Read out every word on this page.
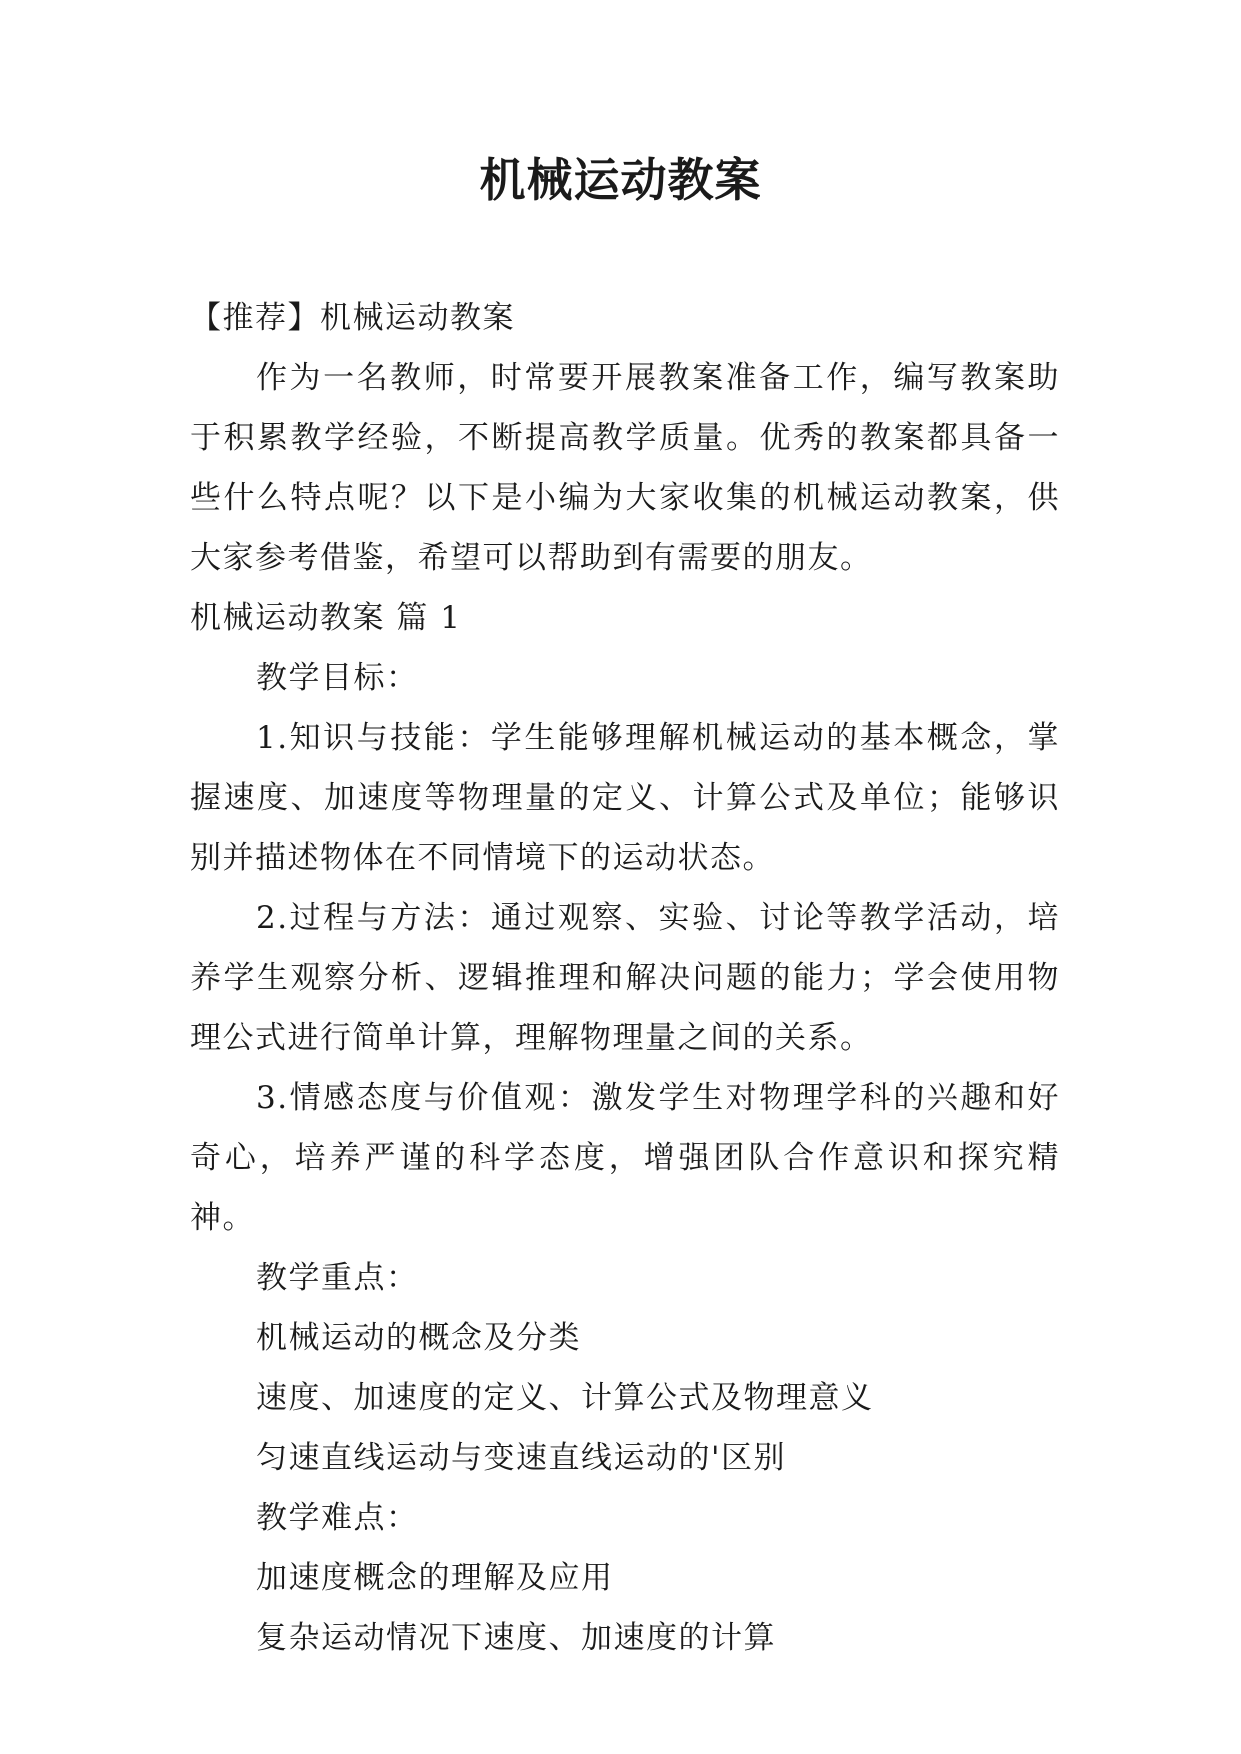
机械运动教案
【推荐】机械运动教案
作为一名教师，时常要开展教案准备工作，编写教案助于积累教学经验，不断提高教学质量。优秀的教案都具备一些什么特点呢？以下是小编为大家收集的机械运动教案，供大家参考借鉴，希望可以帮助到有需要的朋友。
机械运动教案 篇 1
教学目标：
1.知识与技能：学生能够理解机械运动的基本概念，掌握速度、加速度等物理量的定义、计算公式及单位；能够识别并描述物体在不同情境下的运动状态。
2.过程与方法：通过观察、实验、讨论等教学活动，培养学生观察分析、逻辑推理和解决问题的能力；学会使用物理公式进行简单计算，理解物理量之间的关系。
3.情感态度与价值观：激发学生对物理学科的兴趣和好奇心，培养严谨的科学态度，增强团队合作意识和探究精神。
教学重点：
机械运动的概念及分类
速度、加速度的定义、计算公式及物理意义
匀速直线运动与变速直线运动的'区别
教学难点：
加速度概念的理解及应用
复杂运动情况下速度、加速度的计算
